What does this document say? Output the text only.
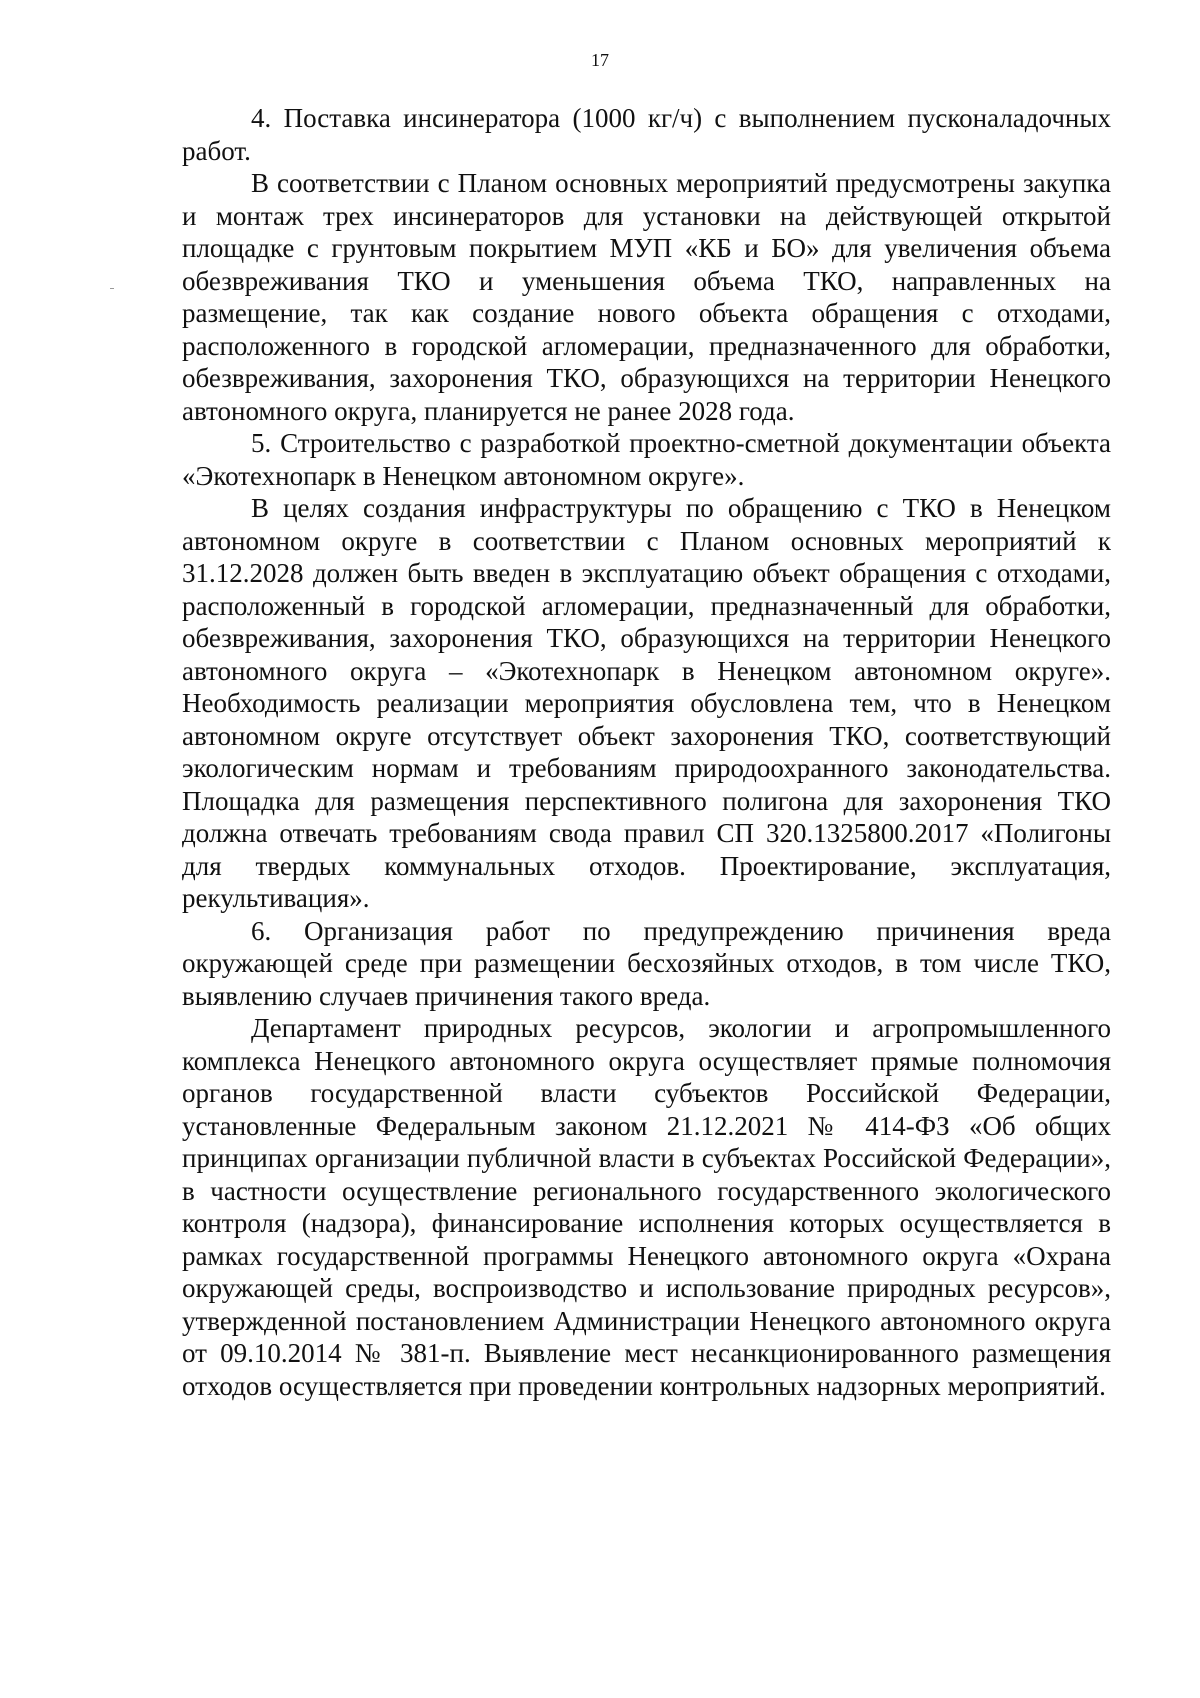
17

4. Поставка инсинератора (1000 кг/ч) с выполнением пусконаладочных работ.

В соответствии с Планом основных мероприятий предусмотрены закупка и монтаж трех инсинераторов для установки на действующей открытой площадке с грунтовым покрытием МУП «КБ и БО» для увеличения объема обезвреживания ТКО и уменьшения объема ТКО, направленных на размещение, так как создание нового объекта обращения с отходами, расположенного в городской агломерации, предназначенного для обработки, обезвреживания, захоронения ТКО, образующихся на территории Ненецкого автономного округа, планируется не ранее 2028 года.

5. Строительство с разработкой проектно-сметной документации объекта «Экотехнопарк в Ненецком автономном округе».

В целях создания инфраструктуры по обращению с ТКО в Ненецком автономном округе в соответствии с Планом основных мероприятий к 31.12.2028 должен быть введен в эксплуатацию объект обращения с отходами, расположенный в городской агломерации, предназначенный для обработки, обезвреживания, захоронения ТКО, образующихся на территории Ненецкого автономного округа – «Экотехнопарк в Ненецком автономном округе». Необходимость реализации мероприятия обусловлена тем, что в Ненецком автономном округе отсутствует объект захоронения ТКО, соответствующий экологическим нормам и требованиям природоохранного законодательства. Площадка для размещения перспективного полигона для захоронения ТКО должна отвечать требованиям свода правил СП 320.1325800.2017 «Полигоны для твердых коммунальных отходов. Проектирование, эксплуатация, рекультивация».

6. Организация работ по предупреждению причинения вреда окружающей среде при размещении бесхозяйных отходов, в том числе ТКО, выявлению случаев причинения такого вреда.

Департамент природных ресурсов, экологии и агропромышленного комплекса Ненецкого автономного округа осуществляет прямые полномочия органов государственной власти субъектов Российской Федерации, установленные Федеральным законом 21.12.2021 № 414-ФЗ «Об общих принципах организации публичной власти в субъектах Российской Федерации», в частности осуществление регионального государственного экологического контроля (надзора), финансирование исполнения которых осуществляется в рамках государственной программы Ненецкого автономного округа «Охрана окружающей среды, воспроизводство и использование природных ресурсов», утвержденной постановлением Администрации Ненецкого автономного округа от 09.10.2014 № 381-п. Выявление мест несанкционированного размещения отходов осуществляется при проведении контрольных надзорных мероприятий.
